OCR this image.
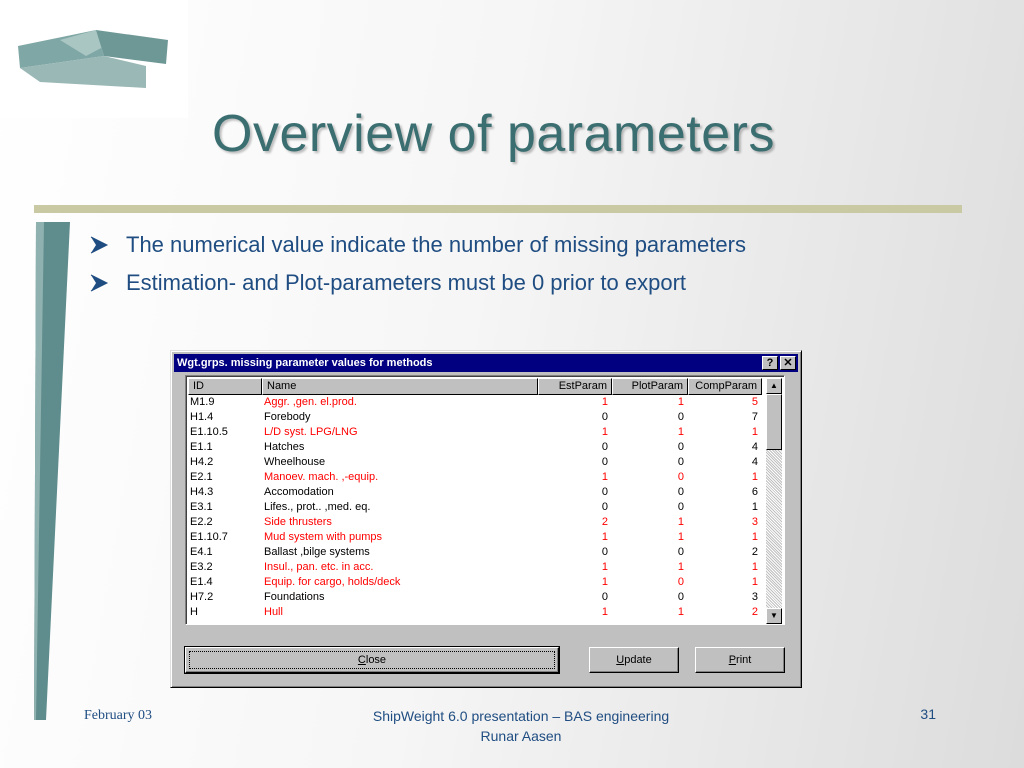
Overview of parameters
The numerical value indicate the number of missing parameters
Estimation- and Plot-parameters must be 0 prior to export
Wgt.grps. missing parameter values for methods	? ✕
ID	Name	EstParam	PlotParam	CompParam
M1.9	Aggr. ,gen. el.prod.	1	1	5
H1.4	Forebody	0	0	7
E1.10.5	L/D syst. LPG/LNG	1	1	1
E1.1	Hatches	0	0	4
H4.2	Wheelhouse	0	0	4
E2.1	Manoev. mach. ,-equip.	1	0	1
H4.3	Accomodation	0	0	6
E3.1	Lifes., prot.. ,med. eq.	0	0	1
E2.2	Side thrusters	2	1	3
E1.10.7	Mud system with pumps	1	1	1
E4.1	Ballast ,bilge systems	0	0	2
E3.2	Insul., pan. etc. in acc.	1	1	1
E1.4	Equip. for cargo, holds/deck	1	0	1
H7.2	Foundations	0	0	3
H	Hull	1	1	2
▲
▼
Close	Update	Print
February 03	ShipWeight 6.0 presentation – BAS engineering
Runar Aasen
31
